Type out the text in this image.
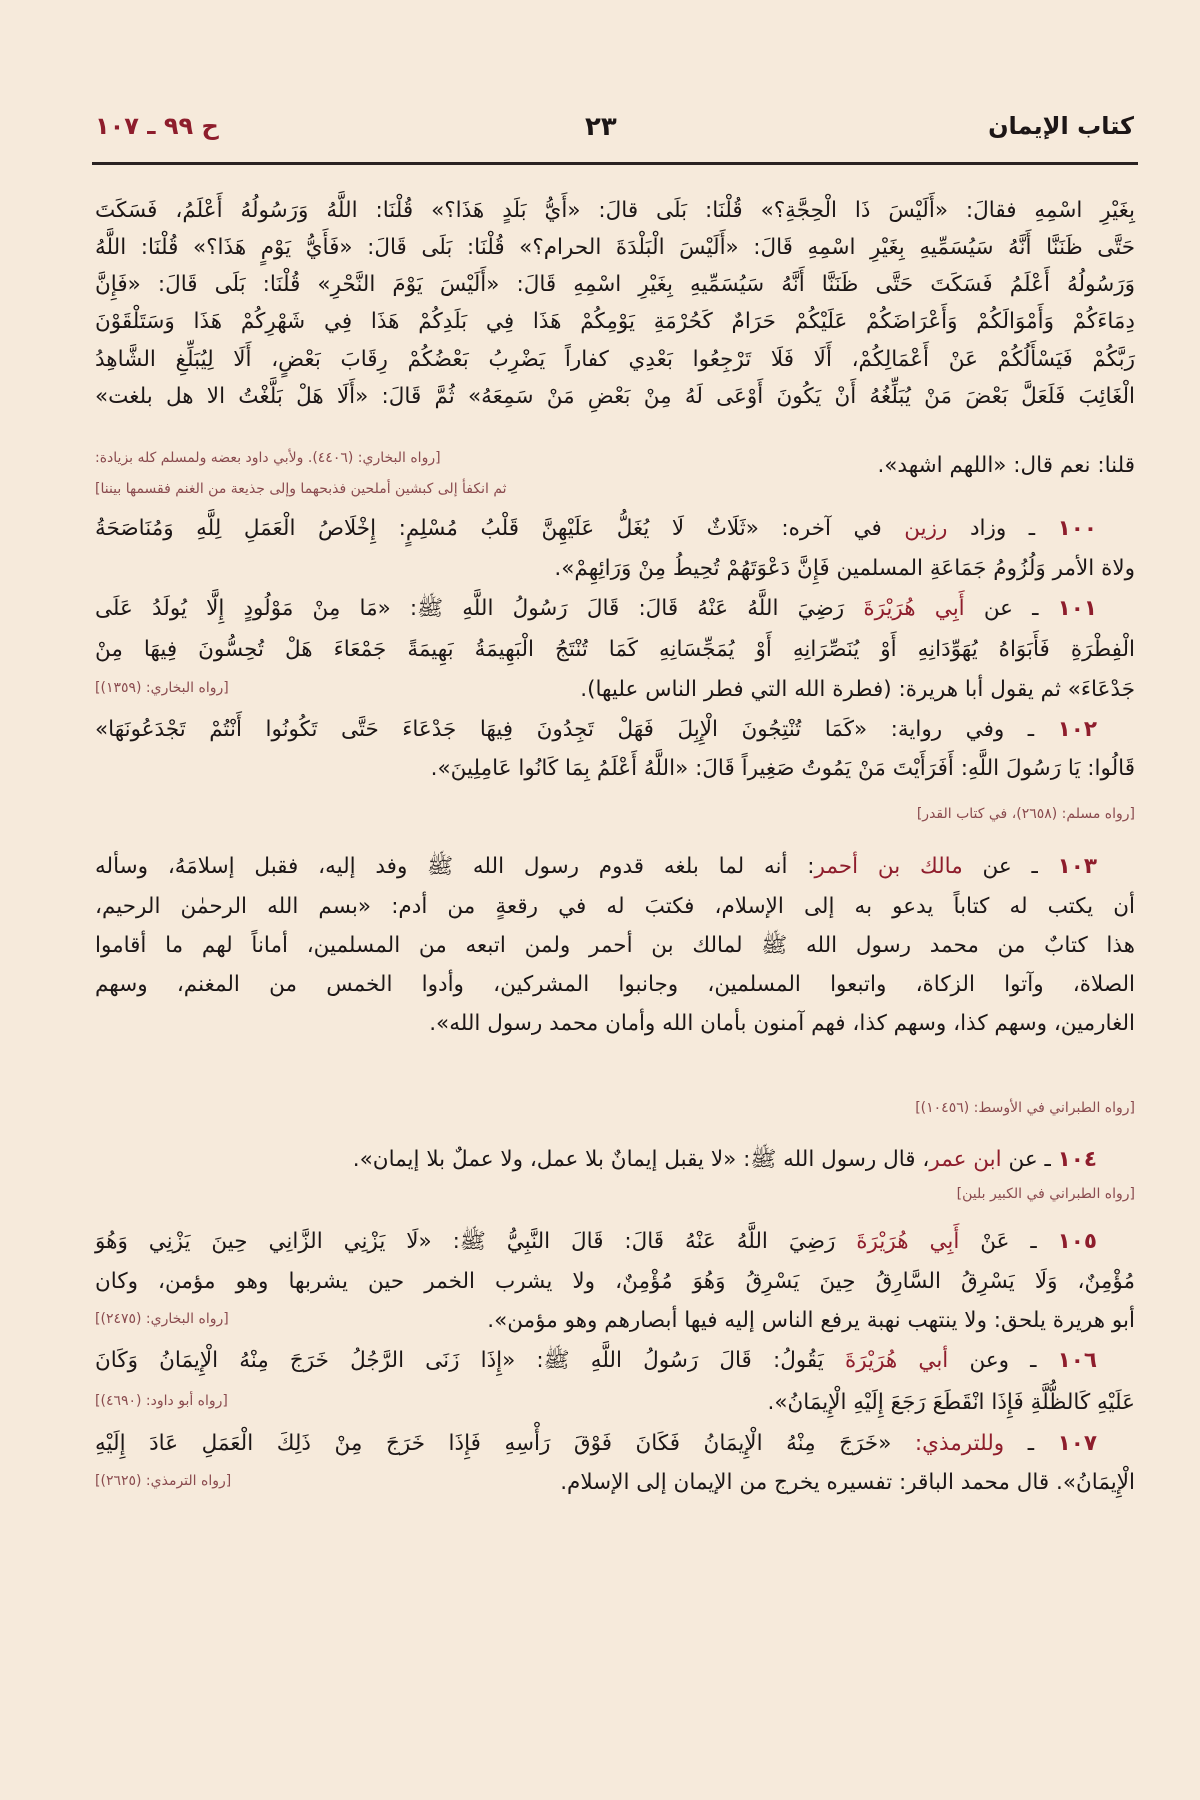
كتاب الإيمان
٢٣
ح ٩٩ ـ ١٠٧
بِغَيْرِ اسْمِهِ فقالَ: «أَلَيْسَ ذَا الْحِجَّةِ؟» قُلْنَا: بَلَى قالَ: «أَيُّ بَلَدٍ هَذَا؟» قُلْنَا: اللَّهُ وَرَسُولُهُ أَعْلَمُ، فَسَكَتَ
حَتَّى ظَنَنَّا أَنَّهُ سَيُسَمِّيهِ بِغَيْرِ اسْمِهِ قَالَ: «أَلَيْسَ الْبَلْدَةَ الحرام؟» قُلْنَا: بَلَى قَالَ: «فَأَيُّ يَوْمٍ هَذَا؟» قُلْنَا: اللَّهُ
وَرَسُولُهُ أَعْلَمُ فَسَكَتَ حَتَّى ظَنَنَّا أَنَّهُ سَيُسَمِّيهِ بِغَيْرِ اسْمِهِ قَالَ: «أَلَيْسَ يَوْمَ النَّحْرِ» قُلْنَا: بَلَى قَالَ: «فَإِنَّ
دِمَاءَكُمْ وَأَمْوَالَكُمْ وَأَعْرَاضَكُمْ عَلَيْكُمْ حَرَامٌ كَحُرْمَةِ يَوْمِكُمْ هَذَا فِي بَلَدِكُمْ هَذَا فِي شَهْرِكُمْ هَذَا وَسَتَلْقَوْنَ
رَبَّكُمْ فَيَسْأَلُكُمْ عَنْ أَعْمَالِكُمْ، أَلَا فَلَا تَرْجِعُوا بَعْدِي كفاراً يَضْرِبُ بَعْضُكُمْ رِقَابَ بَعْضٍ، أَلَا لِيُبَلِّغِ الشَّاهِدُ
الْغَائِبَ فَلَعَلَّ بَعْضَ مَنْ يُبَلِّغُهُ أَنْ يَكُونَ أَوْعَى لَهُ مِنْ بَعْضِ مَنْ سَمِعَهُ» ثُمَّ قَالَ: «أَلَا هَلْ بَلَّغْتُ الا هل بلغت»
قلنا: نعم قال: «اللهم اشهد».
[رواه البخاري: (٤٤٠٦). ولأبي داود بعضه ولمسلم كله بزيادة:
ثم انكفأ إلى كبشين أملحين فذبحهما وإلى جذيعة من الغنم فقسمها بيننا]
١٠٠ ـ وزاد رزين في آخره: «ثَلَاثٌ لَا يُغَلُّ عَلَيْهِنَّ قَلْبُ مُسْلِمٍ: إِخْلَاصُ الْعَمَلِ لِلَّهِ وَمُنَاصَحَةُ
ولاة الأمر وَلُزُومُ جَمَاعَةِ المسلمين فَإِنَّ دَعْوَتَهُمْ تُحِيطُ مِنْ وَرَائِهِمْ».
١٠١ ـ عن أَبِي هُرَيْرَةَ رَضِيَ اللَّهُ عَنْهُ قَالَ: قَالَ رَسُولُ اللَّهِ ﷺ: «مَا مِنْ مَوْلُودٍ إِلَّا يُولَدُ عَلَى
الْفِطْرَةِ فَأَبَوَاهُ يُهَوِّدَانِهِ أَوْ يُنَصِّرَانِهِ أَوْ يُمَجِّسَانِهِ كَمَا تُنْتَجُ الْبَهِيمَةُ بَهِيمَةً جَمْعَاءَ هَلْ تُحِسُّونَ فِيهَا مِنْ
جَدْعَاءَ» ثم يقول أبا هريرة: (فطرة الله التي فطر الناس عليها).
[رواه البخاري: (١٣٥٩)]
١٠٢ ـ وفي رواية: «كَمَا تُنْتِجُونَ الْإِبِلَ فَهَلْ تَجِدُونَ فِيهَا جَدْعَاءَ حَتَّى تَكُونُوا أَنْتُمْ تَجْدَعُونَهَا»
قَالُوا: يَا رَسُولَ اللَّهِ: أَفَرَأَيْتَ مَنْ يَمُوتُ صَغِيراً قَالَ: «اللَّهُ أَعْلَمُ بِمَا كَانُوا عَامِلِينَ».
[رواه مسلم: (٢٦٥٨)، في كتاب القدر]
١٠٣ ـ عن مالك بن أحمر: أنه لما بلغه قدوم رسول الله ﷺ وفد إليه، فقبل إسلامَهُ، وسأله
أن يكتب له كتاباً يدعو به إلى الإسلام، فكتبَ له في رقعةٍ من أدم: «بسم الله الرحمٰن الرحيم،
هذا كتابٌ من محمد رسول الله ﷺ لمالك بن أحمر ولمن اتبعه من المسلمين، أماناً لهم ما أقاموا
الصلاة، وآتوا الزكاة، واتبعوا المسلمين، وجانبوا المشركين، وأدوا الخمس من المغنم، وسهم
الغارمين، وسهم كذا، وسهم كذا، فهم آمنون بأمان الله وأمان محمد رسول الله».
[رواه الطبراني في الأوسط: (١٠٤٥٦)]
١٠٤ ـ عن ابن عمر، قال رسول الله ﷺ: «لا يقبل إيمانٌ بلا عمل، ولا عملٌ بلا إيمان».
[رواه الطبراني في الكبير بلين]
١٠٥ ـ عَنْ أَبِي هُرَيْرَةَ رَضِيَ اللَّهُ عَنْهُ قَالَ: قَالَ النَّبِيُّ ﷺ: «لَا يَزْنِي الزَّانِي حِينَ يَزْنِي وَهُوَ
مُؤْمِنٌ، وَلَا يَسْرِقُ السَّارِقُ حِينَ يَسْرِقُ وَهُوَ مُؤْمِنٌ، ولا يشرب الخمر حين يشربها وهو مؤمن، وكان
أبو هريرة يلحق: ولا ينتهب نهبة يرفع الناس إليه فيها أبصارهم وهو مؤمن».
[رواه البخاري: (٢٤٧٥)]
١٠٦ ـ وعن أبي هُرَيْرَةَ يَقُولُ: قَالَ رَسُولُ اللَّهِ ﷺ: «إِذَا زَنَى الرَّجُلُ خَرَجَ مِنْهُ الْإِيمَانُ وَكَانَ
عَلَيْهِ كَالظُّلَّةِ فَإِذَا انْقَطَعَ رَجَعَ إِلَيْهِ الْإِيمَانُ».
[رواه أبو داود: (٤٦٩٠)]
١٠٧ ـ وللترمذي: «خَرَجَ مِنْهُ الْإِيمَانُ فَكَانَ فَوْقَ رَأْسِهِ فَإِذَا خَرَجَ مِنْ ذَلِكَ الْعَمَلِ عَادَ إِلَيْهِ
الْإِيمَانُ». قال محمد الباقر: تفسيره يخرج من الإيمان إلى الإسلام.
[رواه الترمذي: (٢٦٢٥)]
